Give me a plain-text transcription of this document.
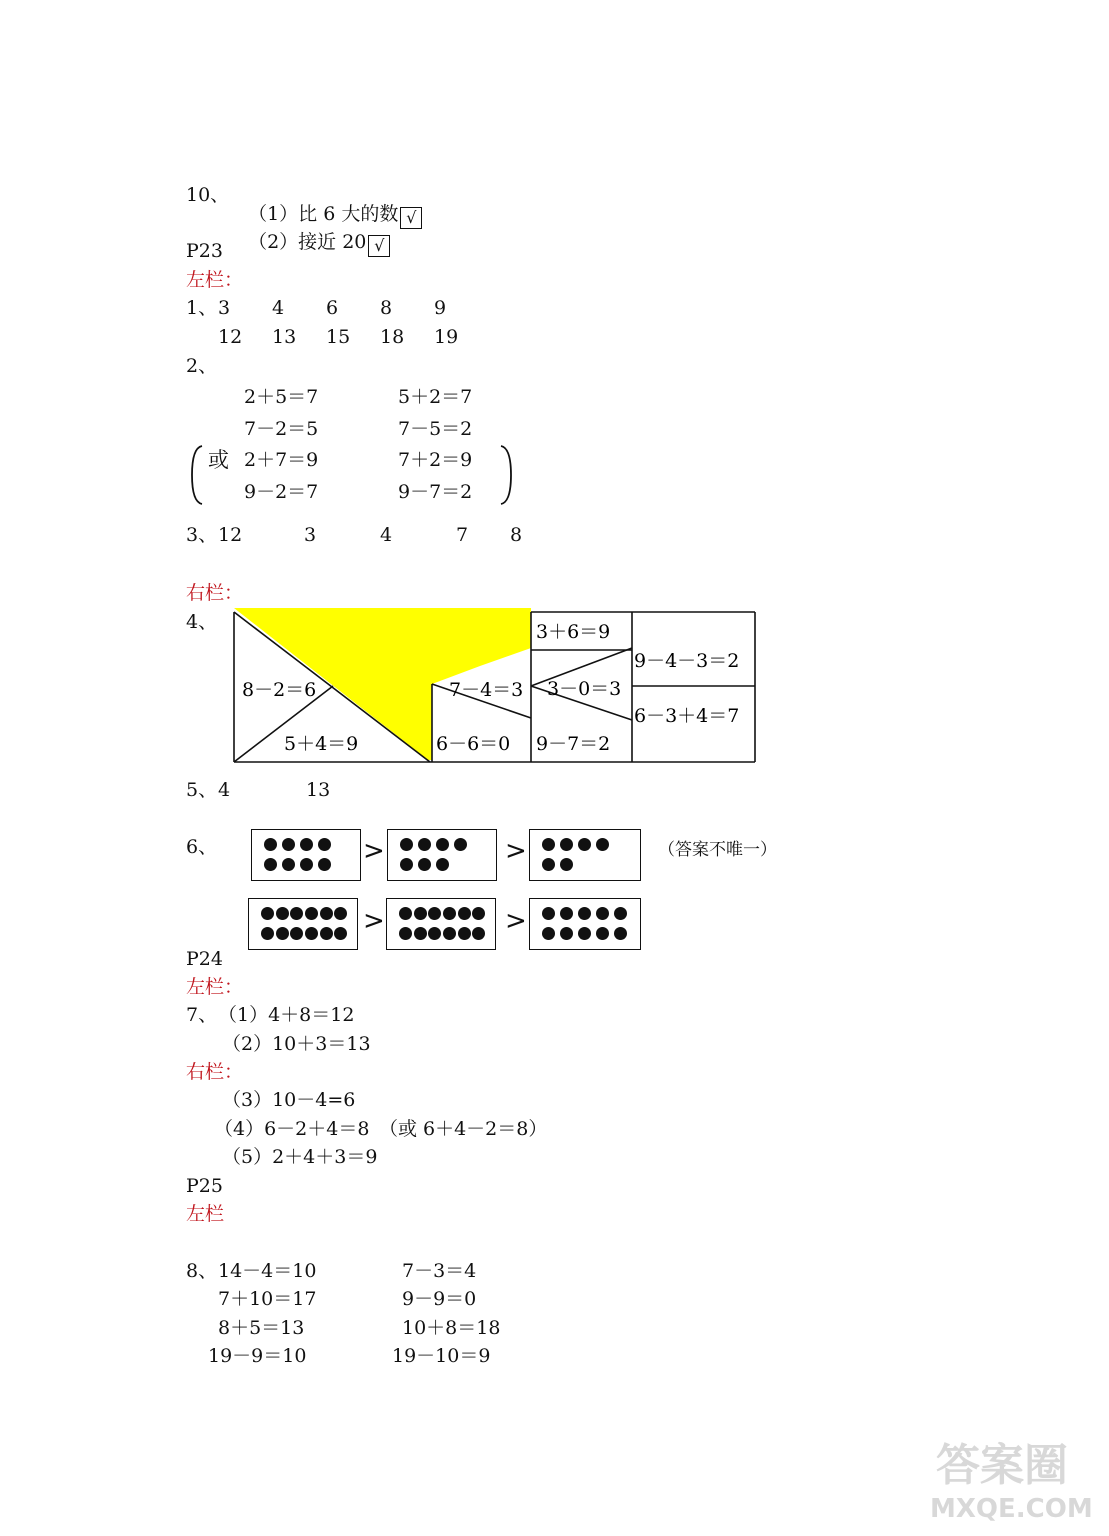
10、

（1）比 6 大的数 √

（2）接近 20 √

P23
左栏：
1、 3 4 6 8 9
12 13 15 18 19
2、
2＋5＝7	5＋2＝7
7－2＝5	7－5＝2
或 2＋7＝9	7＋2＝9
9－2＝7	9－7＝2
3、 12	3	4	7 8
右栏：
4、
8－2＝6
5＋4＝9
7－4＝3
6－6＝0
3＋6＝9
3－0＝3
9－7＝2
9－4－3＝2
6－3＋4＝7
5、 4	13
6、	（答案不唯一）
>	>
>	>
P24
左栏：
7、 （1）4＋8＝12
（2）10＋3＝13
右栏：
（3）10－4=6
（4）6－2＋4＝8　（或 6＋4－2＝8）
（5）2＋4＋3＝9
P25
左栏
8、 14－4＝10	7－3＝4
7＋10＝17	9－9＝0
8＋5＝13	10＋8＝18
19－9＝10	19－10＝9
答案圈
MXQE.COM
